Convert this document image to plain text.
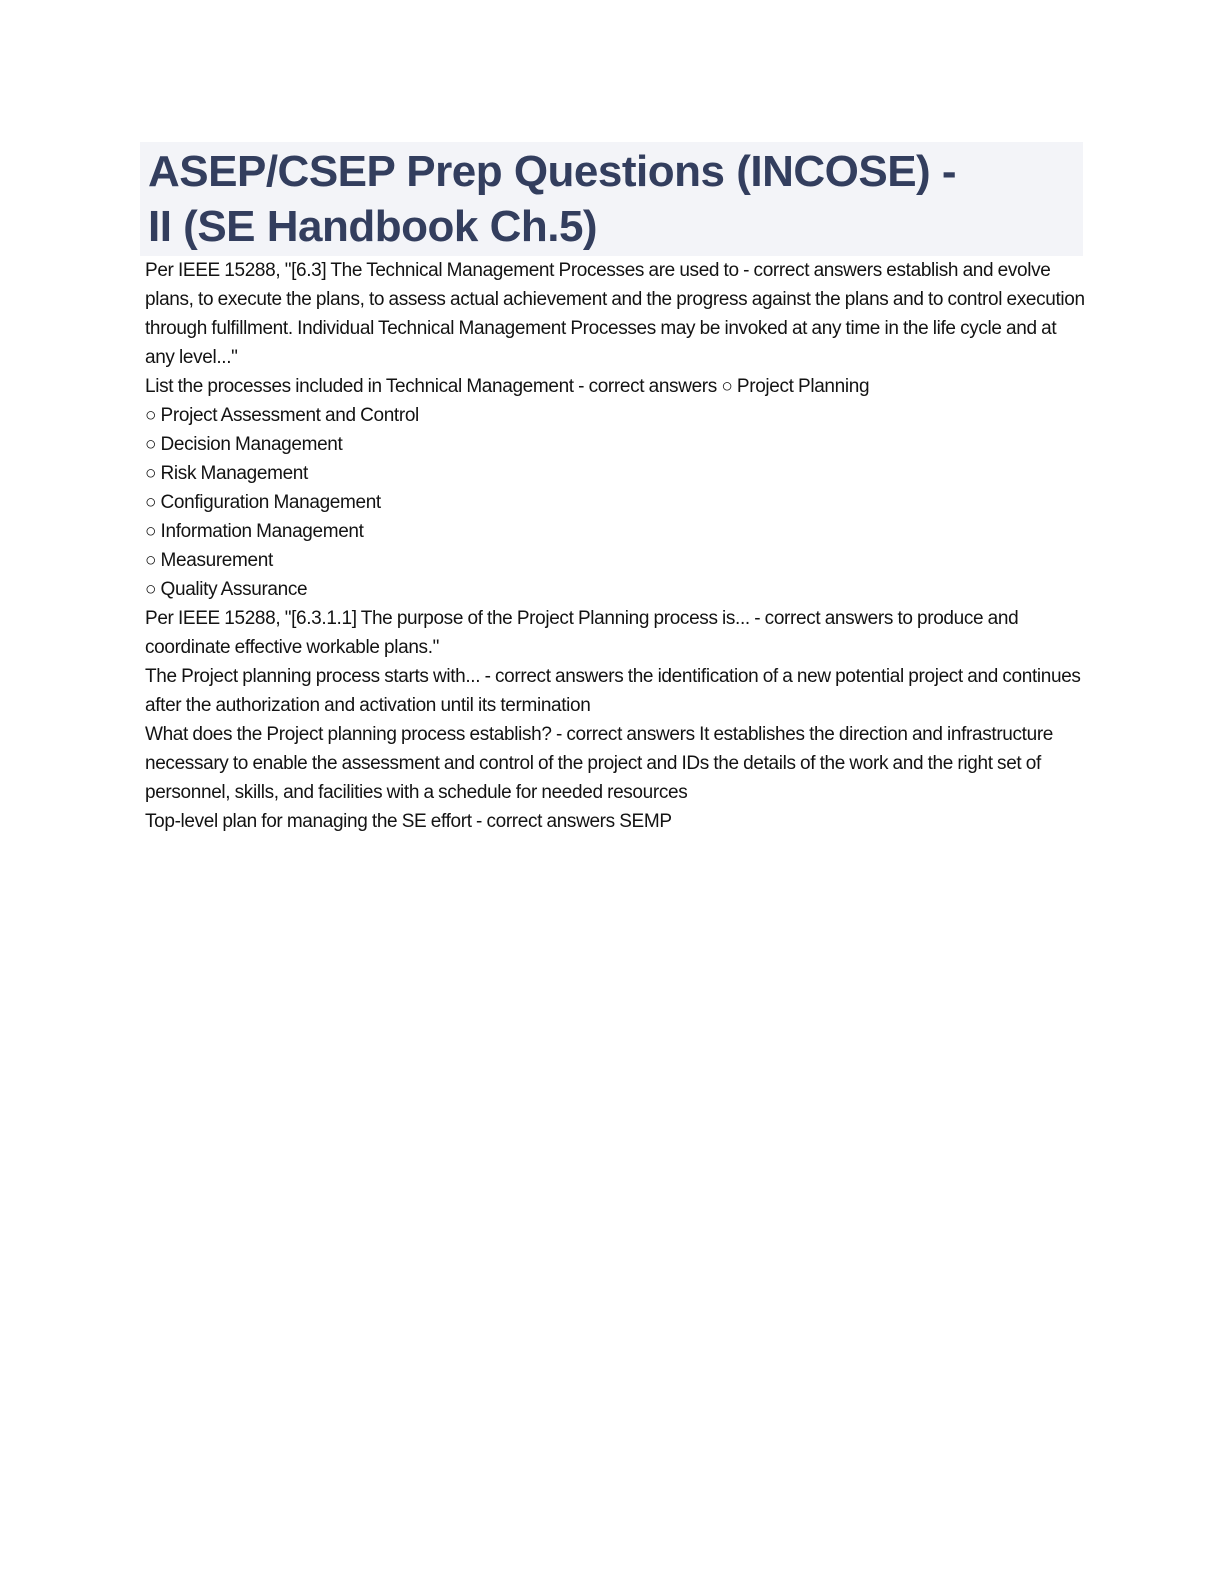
ASEP/CSEP Prep Questions (INCOSE) -
II (SE Handbook Ch.5)

Per IEEE 15288, "[6.3] The Technical Management Processes are used to - correct answers establish and evolve plans, to execute the plans, to assess actual achievement and the progress against the plans and to control execution through fulfillment. Individual Technical Management Processes may be invoked at any time in the life cycle and at any level..."

List the processes included in Technical Management - correct answers ○ Project Planning

○ Project Assessment and Control

○ Decision Management

○ Risk Management

○ Configuration Management

○ Information Management

○ Measurement

○ Quality Assurance

Per IEEE 15288, "[6.3.1.1] The purpose of the Project Planning process is... - correct answers to produce and coordinate effective workable plans."

The Project planning process starts with... - correct answers the identification of a new potential project and continues after the authorization and activation until its termination

What does the Project planning process establish? - correct answers It establishes the direction and infrastructure necessary to enable the assessment and control of the project and IDs the details of the work and the right set of personnel, skills, and facilities with a schedule for needed resources

Top-level plan for managing the SE effort - correct answers SEMP
